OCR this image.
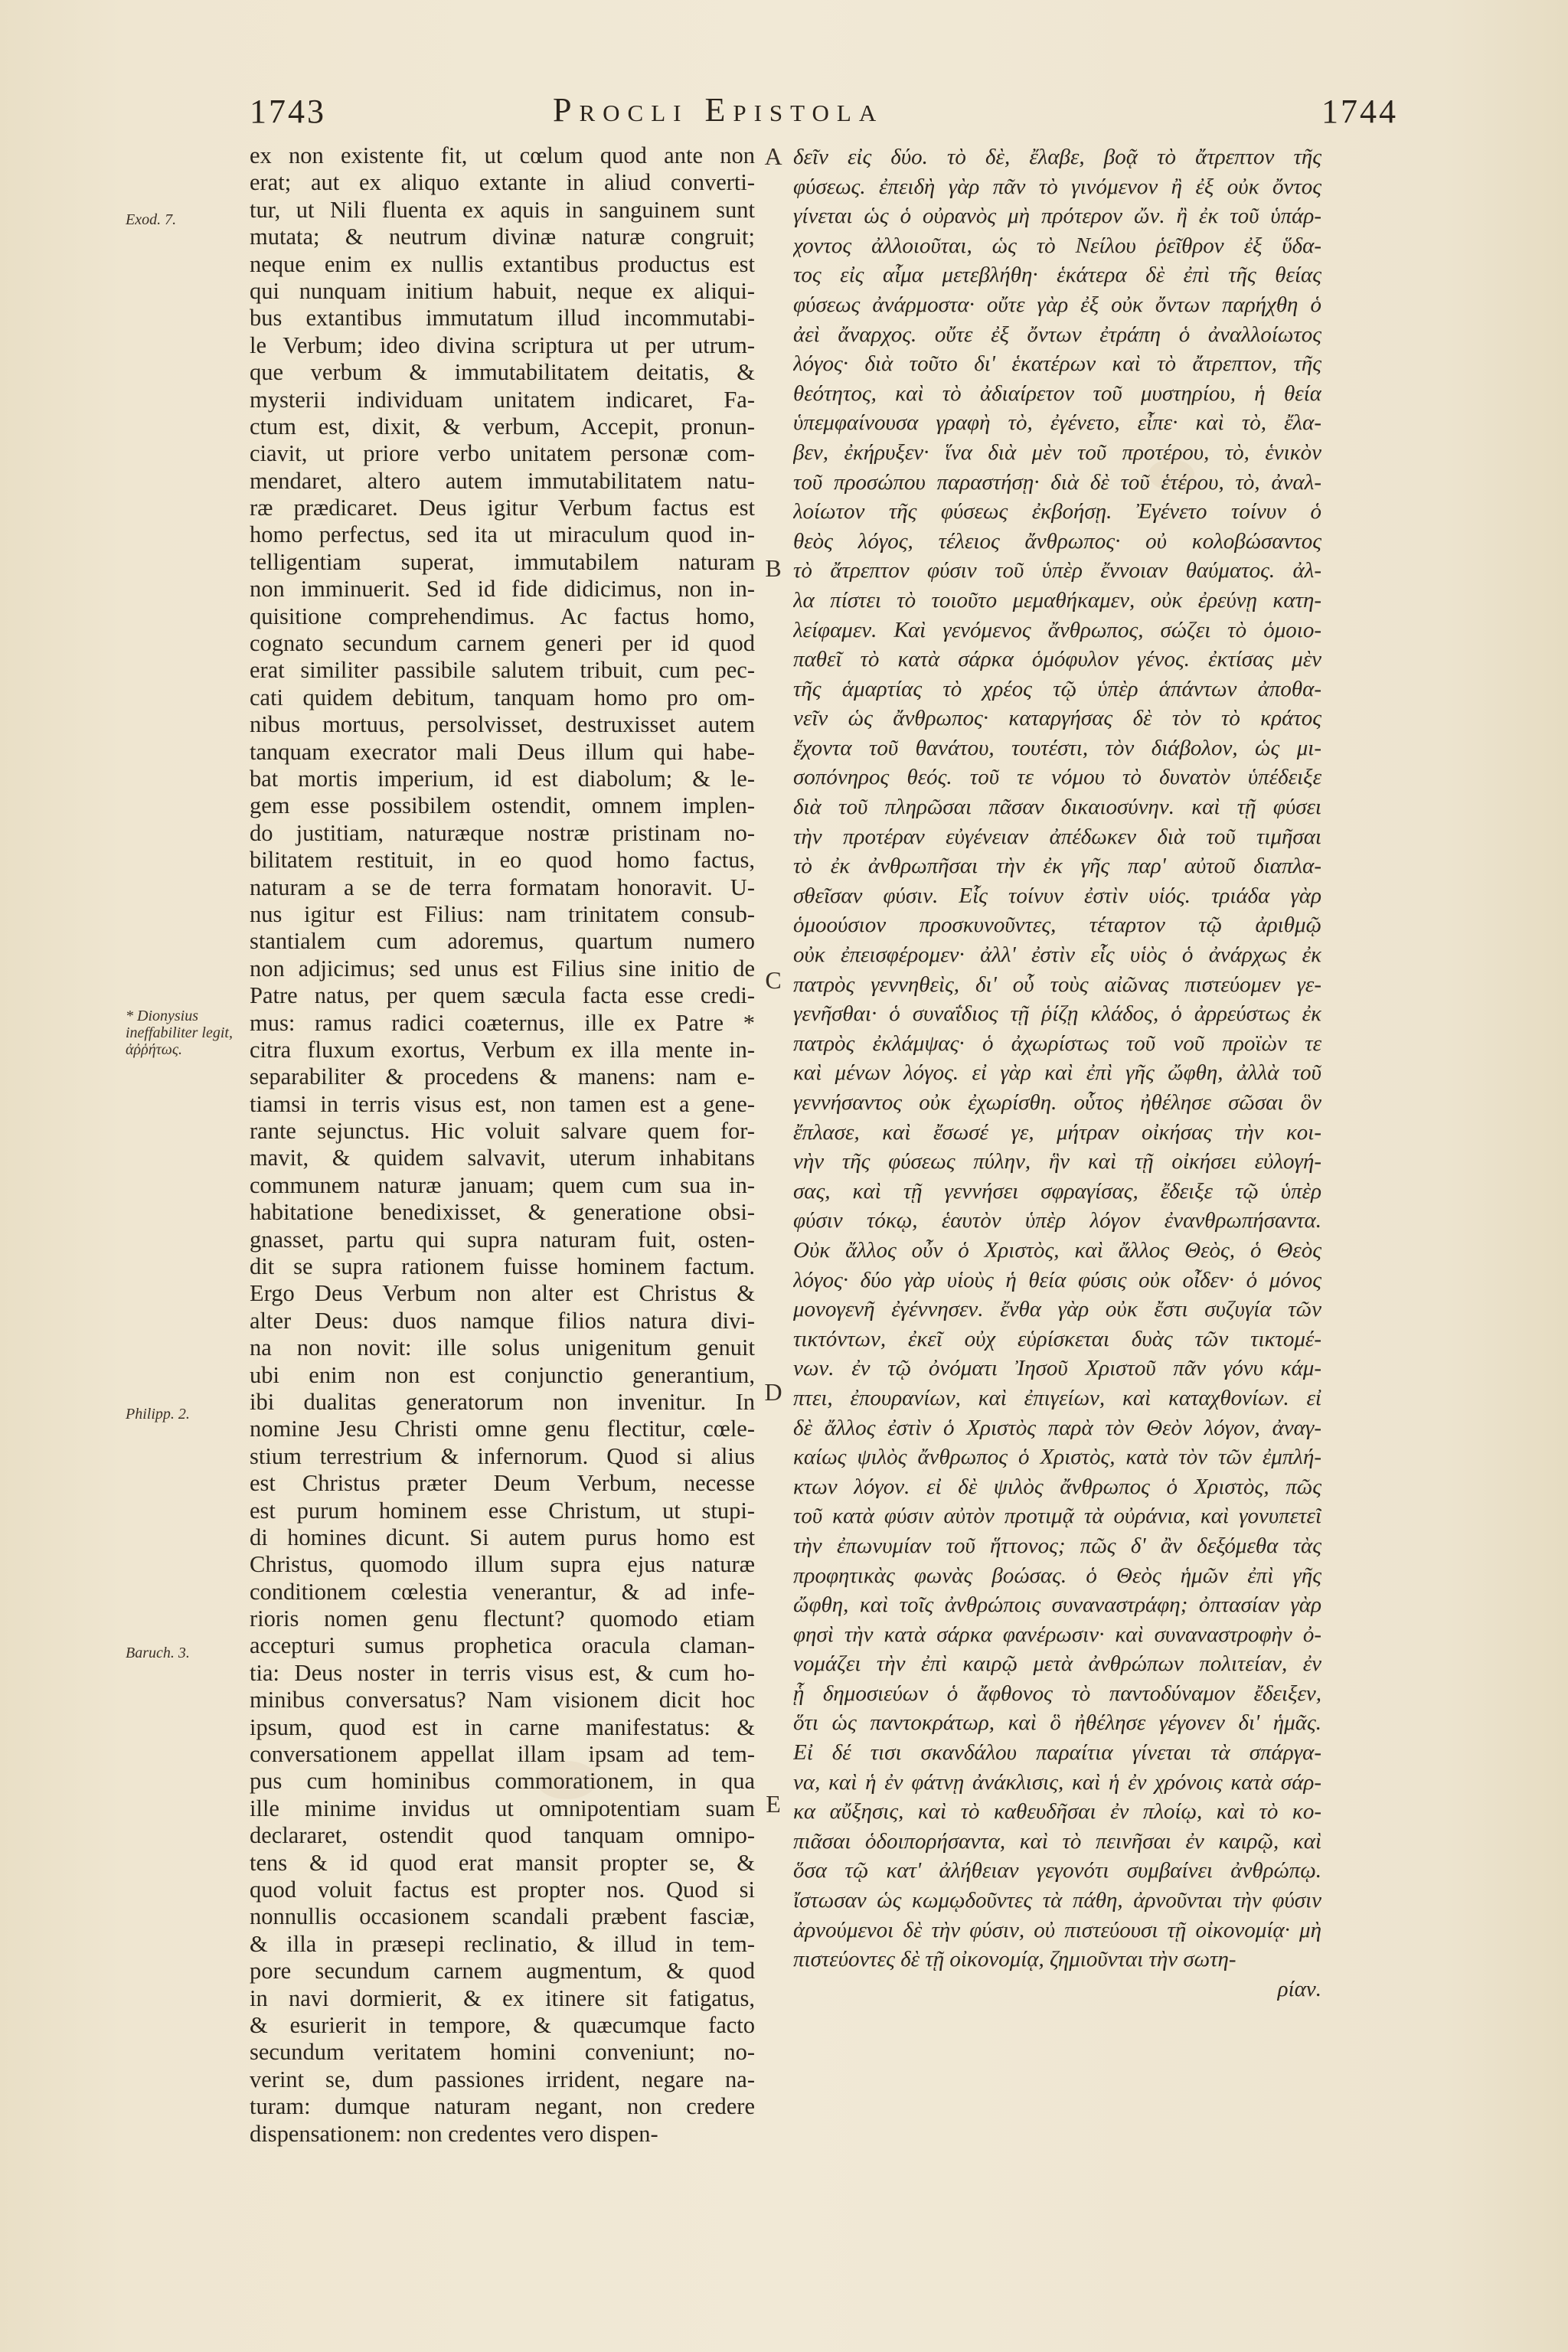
1743	Procli Epistola	1744
Exod. 7.
* Dionysius ineffabiliter legit, ἀῤῥήτως.
Philipp. 2.
Baruch. 3.
A
B
C
D
E
ex non existente fit, ut cœlum quod ante non
erat; aut ex aliquo extante in aliud converti-
tur, ut Nili fluenta ex aquis in sanguinem sunt
mutata; & neutrum divinæ naturæ congruit;
neque enim ex nullis extantibus productus est
qui nunquam initium habuit, neque ex aliqui-
bus extantibus immutatum illud incommutabi-
le Verbum; ideo divina scriptura ut per utrum-
que verbum & immutabilitatem deitatis, &
mysterii individuam unitatem indicaret, Fa-
ctum est, dixit, & verbum, Accepit, pronun-
ciavit, ut priore verbo unitatem personæ com-
mendaret, altero autem immutabilitatem natu-
ræ prædicaret. Deus igitur Verbum factus est
homo perfectus, sed ita ut miraculum quod in-
telligentiam superat, immutabilem naturam
non imminuerit. Sed id fide didicimus, non in-
quisitione comprehendimus. Ac factus homo,
cognato secundum carnem generi per id quod
erat similiter passibile salutem tribuit, cum pec-
cati quidem debitum, tanquam homo pro om-
nibus mortuus, persolvisset, destruxisset autem
tanquam execrator mali Deus illum qui habe-
bat mortis imperium, id est diabolum; & le-
gem esse possibilem ostendit, omnem implen-
do justitiam, naturæque nostræ pristinam no-
bilitatem restituit, in eo quod homo factus,
naturam a se de terra formatam honoravit. U-
nus igitur est Filius: nam trinitatem consub-
stantialem cum adoremus, quartum numero
non adjicimus; sed unus est Filius sine initio de
Patre natus, per quem sæcula facta esse credi-
mus: ramus radici coæternus, ille ex Patre *
citra fluxum exortus, Verbum ex illa mente in-
separabiliter & procedens & manens: nam e-
tiamsi in terris visus est, non tamen est a gene-
rante sejunctus. Hic voluit salvare quem for-
mavit, & quidem salvavit, uterum inhabitans
communem naturæ januam; quem cum sua in-
habitatione benedixisset, & generatione obsi-
gnasset, partu qui supra naturam fuit, osten-
dit se supra rationem fuisse hominem factum.
Ergo Deus Verbum non alter est Christus &
alter Deus: duos namque filios natura divi-
na non novit: ille solus unigenitum genuit
ubi enim non est conjunctio generantium,
ibi dualitas generatorum non invenitur. In
nomine Jesu Christi omne genu flectitur, cœle-
stium terrestrium & infernorum. Quod si alius
est Christus præter Deum Verbum, necesse
est purum hominem esse Christum, ut stupi-
di homines dicunt. Si autem purus homo est
Christus, quomodo illum supra ejus naturæ
conditionem cœlestia venerantur, & ad infe-
rioris nomen genu flectunt? quomodo etiam
accepturi sumus prophetica oracula claman-
tia: Deus noster in terris visus est, & cum ho-
minibus conversatus? Nam visionem dicit hoc
ipsum, quod est in carne manifestatus: &
conversationem appellat illam ipsam ad tem-
pus cum hominibus commorationem, in qua
ille minime invidus ut omnipotentiam suam
declararet, ostendit quod tanquam omnipo-
tens & id quod erat mansit propter se, &
quod voluit factus est propter nos. Quod si
nonnullis occasionem scandali præbent fasciæ,
& illa in præsepi reclinatio, & illud in tem-
pore secundum carnem augmentum, & quod
in navi dormierit, & ex itinere sit fatigatus,
& esurierit in tempore, & quæcumque facto
secundum veritatem homini conveniunt; no-
verint se, dum passiones irrident, negare na-
turam: dumque naturam negant, non credere
dispensationem: non credentes vero dispen-
δεῖν εἰς δύο. τὸ δὲ, ἔλαβε, βοᾷ τὸ ἄτρεπτον τῆς
φύσεως. ἐπειδὴ γὰρ πᾶν τὸ γινόμενον ἢ ἐξ οὐκ ὄντος
γίνεται ὡς ὁ οὐρανὸς μὴ πρότερον ὤν. ἢ ἐκ τοῦ ὑπάρ-
χοντος ἀλλοιοῦται, ὡς τὸ Νείλου ῥεῖθρον ἐξ ὕδα-
τος εἰς αἷμα μετεβλήθη· ἑκάτερα δὲ ἐπὶ τῆς θείας
φύσεως ἀνάρμοστα· οὔτε γὰρ ἐξ οὐκ ὄντων παρήχθη ὁ
ἀεὶ ἄναρχος. οὔτε ἐξ ὄντων ἐτράπη ὁ ἀναλλοίωτος
λόγος· διὰ τοῦτο δι' ἑκατέρων καὶ τὸ ἄτρεπτον, τῆς
θεότητος, καὶ τὸ ἀδιαίρετον τοῦ μυστηρίου, ἡ θεία
ὑπεμφαίνουσα γραφὴ τὸ, ἐγένετο, εἶπε· καὶ τὸ, ἔλα-
βεν, ἐκήρυξεν· ἵνα διὰ μὲν τοῦ προτέρου, τὸ, ἑνικὸν
τοῦ προσώπου παραστήσῃ· διὰ δὲ τοῦ ἑτέρου, τὸ, ἀναλ-
λοίωτον τῆς φύσεως ἐκβοήσῃ. Ἐγένετο τοίνυν ὁ
θεὸς λόγος, τέλειος ἄνθρωπος· οὐ κολοβώσαντος
τὸ ἄτρεπτον φύσιν τοῦ ὑπὲρ ἔννοιαν θαύματος. ἀλ-
λα πίστει τὸ τοιοῦτο μεμαθήκαμεν, οὐκ ἐρεύνῃ κατη-
λείφαμεν. Καὶ γενόμενος ἄνθρωπος, σώζει τὸ ὁμοιο-
παθεῖ τὸ κατὰ σάρκα ὁμόφυλον γένος. ἐκτίσας μὲν
τῆς ἁμαρτίας τὸ χρέος τῷ ὑπὲρ ἁπάντων ἀποθα-
νεῖν ὡς ἄνθρωπος· καταργήσας δὲ τὸν τὸ κράτος
ἔχοντα τοῦ θανάτου, τουτέστι, τὸν διάβολον, ὡς μι-
σοπόνηρος θεός. τοῦ τε νόμου τὸ δυνατὸν ὑπέδειξε
διὰ τοῦ πληρῶσαι πᾶσαν δικαιοσύνην. καὶ τῇ φύσει
τὴν προτέραν εὐγένειαν ἀπέδωκεν διὰ τοῦ τιμῆσαι
τὸ ἐκ ἀνθρωπῆσαι τὴν ἐκ γῆς παρ' αὐτοῦ διαπλα-
σθεῖσαν φύσιν. Εἷς τοίνυν ἐστὶν υἱός. τριάδα γὰρ
ὁμοούσιον προσκυνοῦντες, τέταρτον τῷ ἀριθμῷ
οὐκ ἐπεισφέρομεν· ἀλλ' ἐστὶν εἷς υἱὸς ὁ ἀνάρχως ἐκ
πατρὸς γεννηθεὶς, δι' οὗ τοὺς αἰῶνας πιστεύομεν γε-
γενῆσθαι· ὁ συναΐδιος τῇ ῥίζῃ κλάδος, ὁ ἀρρεύστως ἐκ
πατρὸς ἐκλάμψας· ὁ ἀχωρίστως τοῦ νοῦ προϊὼν τε
καὶ μένων λόγος. εἰ γὰρ καὶ ἐπὶ γῆς ὤφθη, ἀλλὰ τοῦ
γεννήσαντος οὐκ ἐχωρίσθη. οὗτος ἠθέλησε σῶσαι ὃν
ἔπλασε, καὶ ἔσωσέ γε, μήτραν οἰκήσας τὴν κοι-
νὴν τῆς φύσεως πύλην, ἣν καὶ τῇ οἰκήσει εὐλογή-
σας, καὶ τῇ γεννήσει σφραγίσας, ἔδειξε τῷ ὑπὲρ
φύσιν τόκῳ, ἑαυτὸν ὑπὲρ λόγον ἐνανθρωπήσαντα.
Οὐκ ἄλλος οὖν ὁ Χριστὸς, καὶ ἄλλος Θεὸς, ὁ Θεὸς
λόγος· δύο γὰρ υἱοὺς ἡ θεία φύσις οὐκ οἶδεν· ὁ μόνος
μονογενῆ ἐγέννησεν. ἔνθα γὰρ οὐκ ἔστι συζυγία τῶν
τικτόντων, ἐκεῖ οὐχ εὑρίσκεται δυὰς τῶν τικτομέ-
νων. ἐν τῷ ὀνόματι Ἰησοῦ Χριστοῦ πᾶν γόνυ κάμ-
πτει, ἐπουρανίων, καὶ ἐπιγείων, καὶ καταχθονίων. εἰ
δὲ ἄλλος ἐστὶν ὁ Χριστὸς παρὰ τὸν Θεὸν λόγον, ἀναγ-
καίως ψιλὸς ἄνθρωπος ὁ Χριστὸς, κατὰ τὸν τῶν ἐμπλή-
κτων λόγον. εἰ δὲ ψιλὸς ἄνθρωπος ὁ Χριστὸς, πῶς
τοῦ κατὰ φύσιν αὐτὸν προτιμᾷ τὰ οὐράνια, καὶ γονυπετεῖ
τὴν ἐπωνυμίαν τοῦ ἥττονος; πῶς δ' ἂν δεξόμεθα τὰς
προφητικὰς φωνὰς βοώσας. ὁ Θεὸς ἡμῶν ἐπὶ γῆς
ὤφθη, καὶ τοῖς ἀνθρώποις συναναστράφη; ὀπτασίαν γὰρ
φησὶ τὴν κατὰ σάρκα φανέρωσιν· καὶ συναναστροφὴν ὀ-
νομάζει τὴν ἐπὶ καιρῷ μετὰ ἀνθρώπων πολιτείαν, ἐν
ᾗ δημοσιεύων ὁ ἄφθονος τὸ παντοδύναμον ἔδειξεν,
ὅτι ὡς παντοκράτωρ, καὶ ὃ ἠθέλησε γέγονεν δι' ἡμᾶς.
Εἰ δέ τισι σκανδάλου παραίτια γίνεται τὰ σπάργα-
να, καὶ ἡ ἐν φάτνῃ ἀνάκλισις, καὶ ἡ ἐν χρόνοις κατὰ σάρ-
κα αὔξησις, καὶ τὸ καθευδῆσαι ἐν πλοίῳ, καὶ τὸ κο-
πιᾶσαι ὁδοιπορήσαντα, καὶ τὸ πεινῆσαι ἐν καιρῷ, καὶ
ὅσα τῷ κατ' ἀλήθειαν γεγονότι συμβαίνει ἀνθρώπῳ.
ἴστωσαν ὡς κωμῳδοῦντες τὰ πάθη, ἀρνοῦνται τὴν φύσιν
ἀρνούμενοι δὲ τὴν φύσιν, οὐ πιστεύουσι τῇ οἰκονομίᾳ· μὴ
πιστεύοντες δὲ τῇ οἰκονομίᾳ, ζημιοῦνται τὴν σωτη-
ρίαν.
